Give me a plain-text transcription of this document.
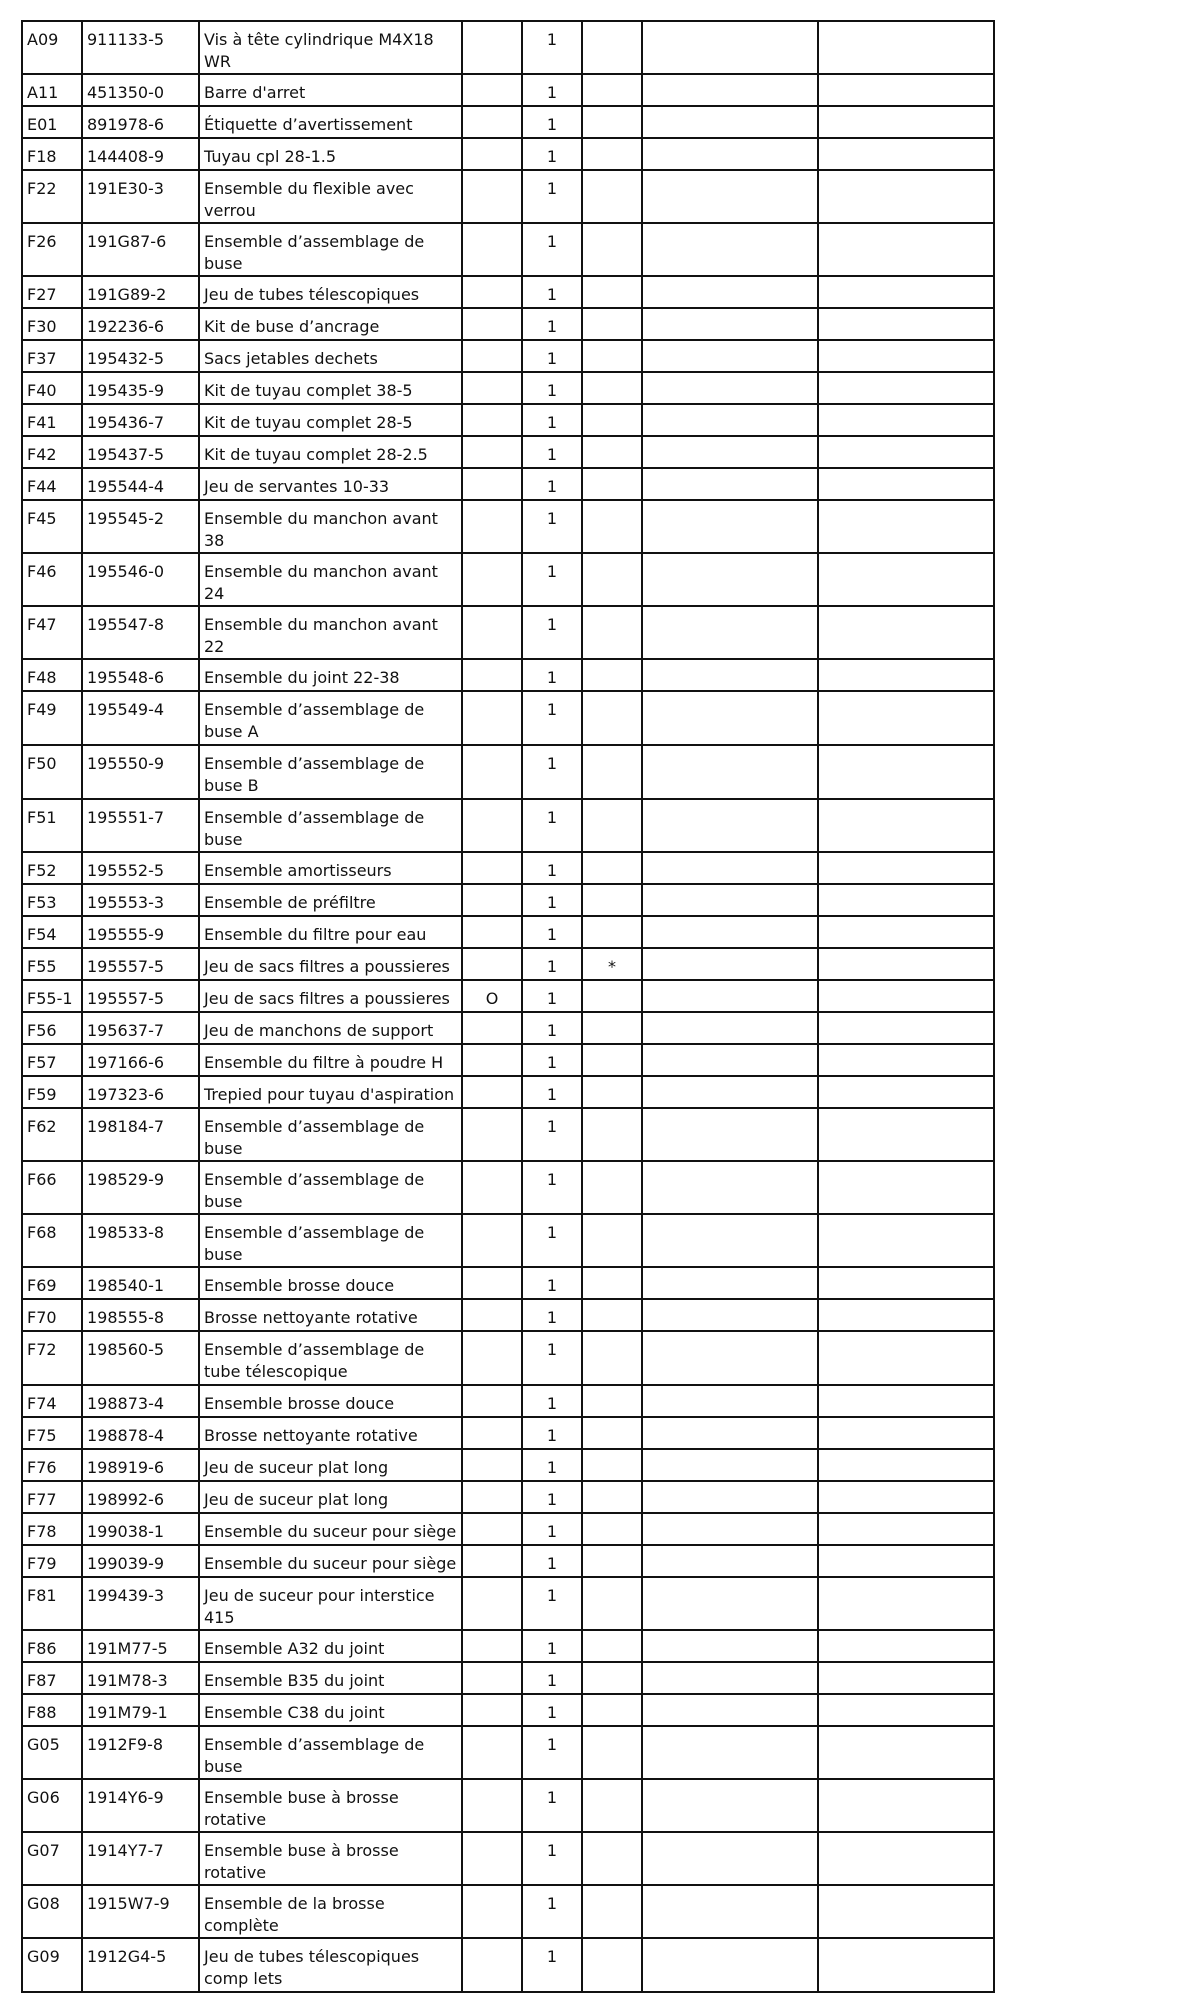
A09	911133-5	Vis à tête cylindrique M4X18 WR		1			
A11	451350-0	Barre d'arret		1			
E01	891978-6	Étiquette d’avertissement		1			
F18	144408-9	Tuyau cpl 28-1.5		1			
F22	191E30-3	Ensemble du flexible avec verrou		1			
F26	191G87-6	Ensemble d’assemblage de buse		1			
F27	191G89-2	Jeu de tubes télescopiques		1			
F30	192236-6	Kit de buse d’ancrage		1			
F37	195432-5	Sacs jetables dechets		1			
F40	195435-9	Kit de tuyau complet 38-5		1			
F41	195436-7	Kit de tuyau complet 28-5		1			
F42	195437-5	Kit de tuyau complet 28-2.5		1			
F44	195544-4	Jeu de servantes 10-33		1			
F45	195545-2	Ensemble du manchon avant 38		1			
F46	195546-0	Ensemble du manchon avant 24		1			
F47	195547-8	Ensemble du manchon avant 22		1			
F48	195548-6	Ensemble du joint 22-38		1			
F49	195549-4	Ensemble d’assemblage de buse A		1			
F50	195550-9	Ensemble d’assemblage de buse B		1			
F51	195551-7	Ensemble d’assemblage de buse		1			
F52	195552-5	Ensemble amortisseurs		1			
F53	195553-3	Ensemble de préfiltre		1			
F54	195555-9	Ensemble du filtre pour eau		1			
F55	195557-5	Jeu de sacs filtres a poussieres		1	*		
F55-1	195557-5	Jeu de sacs filtres a poussieres	O	1			
F56	195637-7	Jeu de manchons de support		1			
F57	197166-6	Ensemble du filtre à poudre H		1			
F59	197323-6	Trepied pour tuyau d'aspiration		1			
F62	198184-7	Ensemble d’assemblage de buse		1			
F66	198529-9	Ensemble d’assemblage de buse		1			
F68	198533-8	Ensemble d’assemblage de buse		1			
F69	198540-1	Ensemble brosse douce		1			
F70	198555-8	Brosse nettoyante rotative		1			
F72	198560-5	Ensemble d’assemblage de tube télescopique		1			
F74	198873-4	Ensemble brosse douce		1			
F75	198878-4	Brosse nettoyante rotative		1			
F76	198919-6	Jeu de suceur plat long		1			
F77	198992-6	Jeu de suceur plat long		1			
F78	199038-1	Ensemble du suceur pour siège		1			
F79	199039-9	Ensemble du suceur pour siège		1			
F81	199439-3	Jeu de suceur pour interstice 415		1			
F86	191M77-5	Ensemble A32 du joint		1			
F87	191M78-3	Ensemble B35 du joint		1			
F88	191M79-1	Ensemble C38 du joint		1			
G05	1912F9-8	Ensemble d’assemblage de buse		1			
G06	1914Y6-9	Ensemble buse à brosse rotative		1			
G07	1914Y7-7	Ensemble buse à brosse rotative		1			
G08	1915W7-9	Ensemble de la brosse complète		1			
G09	1912G4-5	Jeu de tubes télescopiques comp lets		1			
